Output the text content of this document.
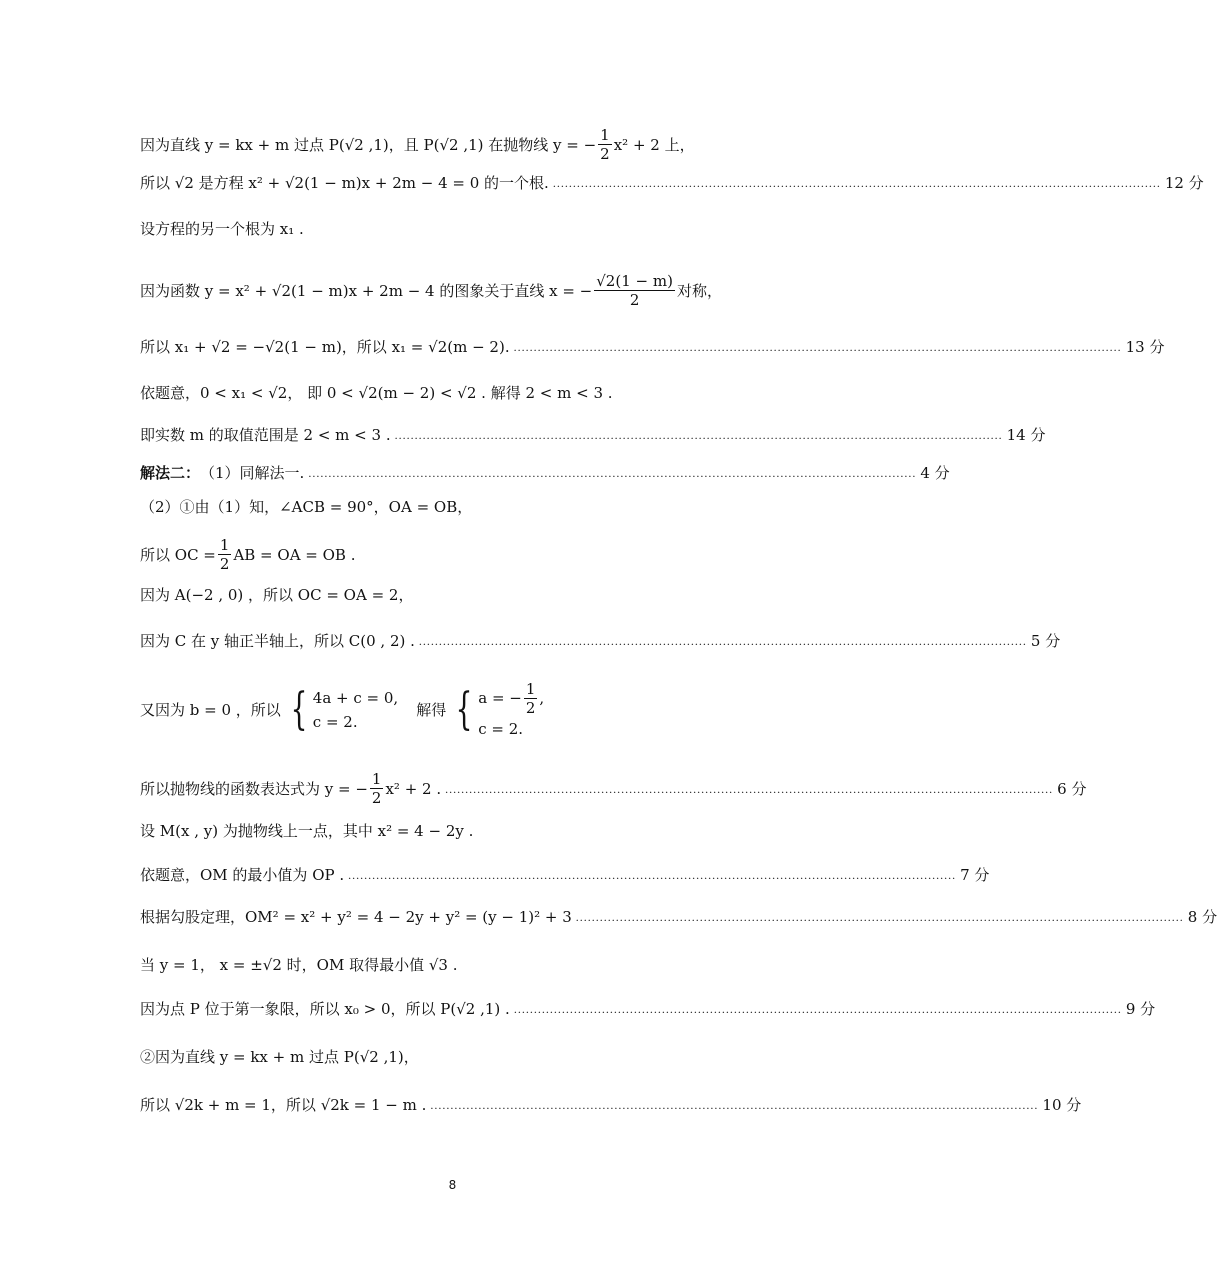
因为直线 y = kx + m 过点 P(√2 ,1)，且 P(√2 ,1) 在抛物线 y = − $\frac{1}{2} x^2 + 2$ 上，
所以 √2 是方程 x² + √2(1 − m)x + 2m − 4 = 0 的一个根. ........................................................................................................................................................ 12 分
设方程的另一个根为 x₁ .
因为函数 y = x² + √2(1 − m)x + 2m − 4 的图象关于直线 x = − $\frac{√2(1 - m)}{2}$ 对称，
所以 x₁ + √2 = −√2(1 − m)，所以 x₁ = √2(m − 2). ........................................................................................................................................................ 13 分
依题意，0 < x₁ < √2， 即 0 < √2(m − 2) < √2 . 解得 2 < m < 3 .
即实数 m 的取值范围是 2 < m < 3 . ........................................................................................................................................................ 14 分
解法二： （1）同解法一. ........................................................................................................................................................ 4 分
（2）①由（1）知，∠ACB = 90°，OA = OB，
所以 OC = $\frac{1}{2}$ AB = OA = OB .
因为 A(−2 , 0) ，所以 OC = OA = 2，
因为 C 在 y 轴正半轴上，所以 C(0 , 2) . ........................................................................................................................................................ 5 分
又因为 b = 0 ，所以 { 4a + c = 0,
c = 2.
解得 { a = − $\frac{1}{2}$ ,
c = 2.
所以抛物线的函数表达式为 y = − $\frac{1}{2} x^2 + 2$ . ........................................................................................................................................................ 6 分
设 M(x , y) 为抛物线上一点，其中 x² = 4 − 2y .
依题意，OM 的最小值为 OP . ........................................................................................................................................................ 7 分
根据勾股定理，OM² = x² + y² = 4 − 2y + y² = (y − 1)² + 3 ........................................................................................................................................................ 8 分
当 y = 1， x = ±√2 时，OM 取得最小值 √3 .
因为点 P 位于第一象限，所以 x₀ > 0，所以 P(√2 ,1) . ........................................................................................................................................................ 9 分
②因为直线 y = kx + m 过点 P(√2 ,1)，
所以 √2k + m = 1，所以 √2k = 1 − m . ........................................................................................................................................................ 10 分
8
